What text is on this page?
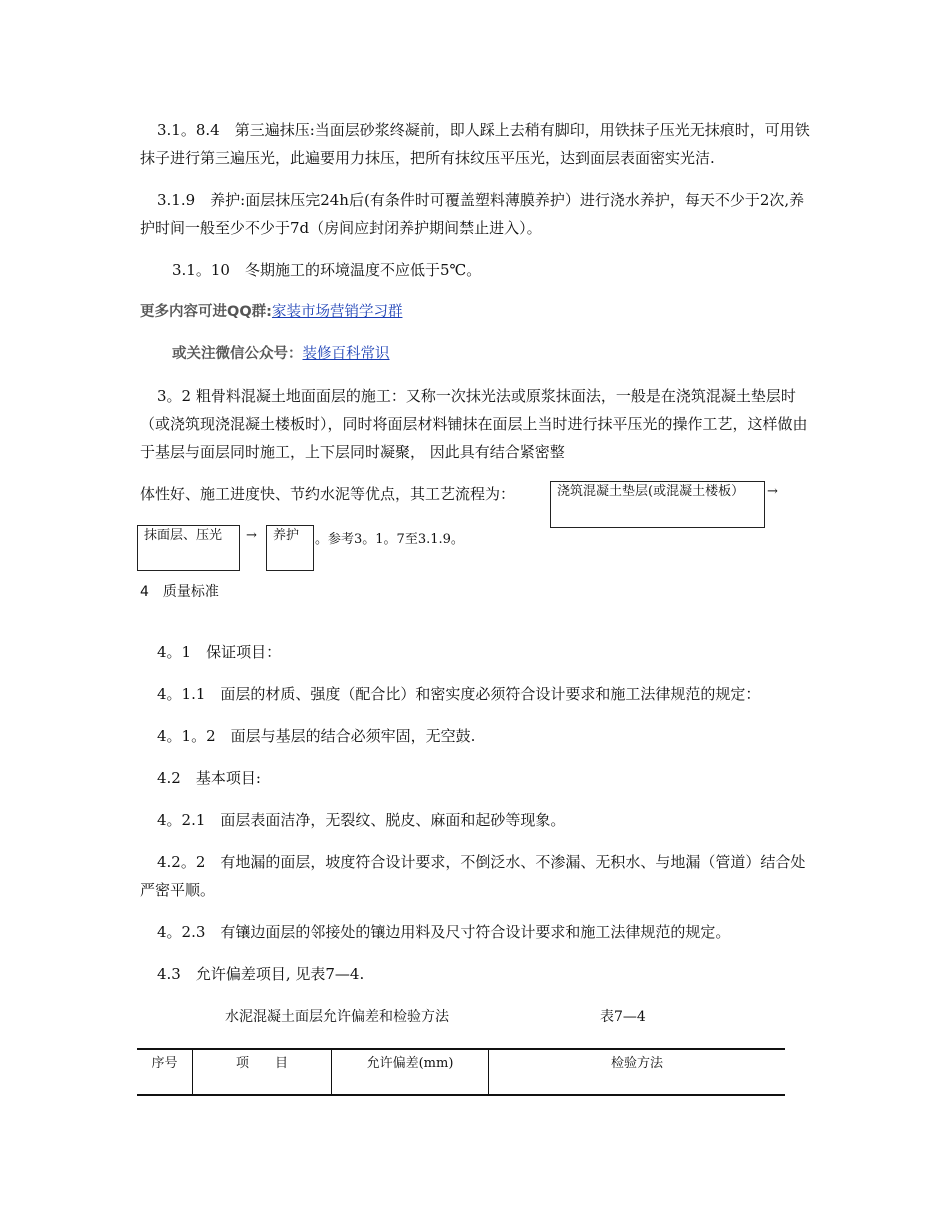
3.1。8.4　第三遍抹压:当面层砂浆终凝前，即人踩上去稍有脚印，用铁抹子压光无抹痕时，可用铁抹子进行第三遍压光，此遍要用力抹压，把所有抹纹压平压光，达到面层表面密实光洁.

3.1.9　养护:面层抹压完24h后(有条件时可覆盖塑料薄膜养护）进行浇水养护，每天不少于2次,养护时间一般至少不少于7d（房间应封闭养护期间禁止进入）。

3.1。10　冬期施工的环境温度不应低于5℃。

更多内容可进QQ群:家装市场营销学习群

或关注微信公众号：装修百科常识

3。2 粗骨料混凝土地面面层的施工：又称一次抹光法或原浆抹面法，一般是在浇筑混凝土垫层时（或浇筑现浇混凝土楼板时），同时将面层材料铺抹在面层上当时进行抹平压光的操作工艺，这样做由于基层与面层同时施工，上下层同时凝聚， 因此具有结合紧密整

体性好、施工进度快、节约水泥等优点，其工艺流程为：	浇筑混凝土垫层(或混凝土楼板）	→
抹面层、压光	→	养护	。参考3。1。7至3.1.9。

4　质量标准

4。1　保证项目：

4。1.1　面层的材质、强度（配合比）和密实度必须符合设计要求和施工法律规范的规定：

4。1。2　面层与基层的结合必须牢固，无空鼓.

4.2　基本项目:

4。2.1　面层表面洁净，无裂纹、脱皮、麻面和起砂等现象。

4.2。2　有地漏的面层，坡度符合设计要求，不倒泛水、不渗漏、无积水、与地漏（管道）结合处严密平顺。

4。2.3　有镶边面层的邻接处的镶边用料及尺寸符合设计要求和施工法律规范的规定。

4.3　允许偏差项目, 见表7—4.

水泥混凝土面层允许偏差和检验方法	表7—4
序号	项　　目	允许偏差(mm)	检验方法
